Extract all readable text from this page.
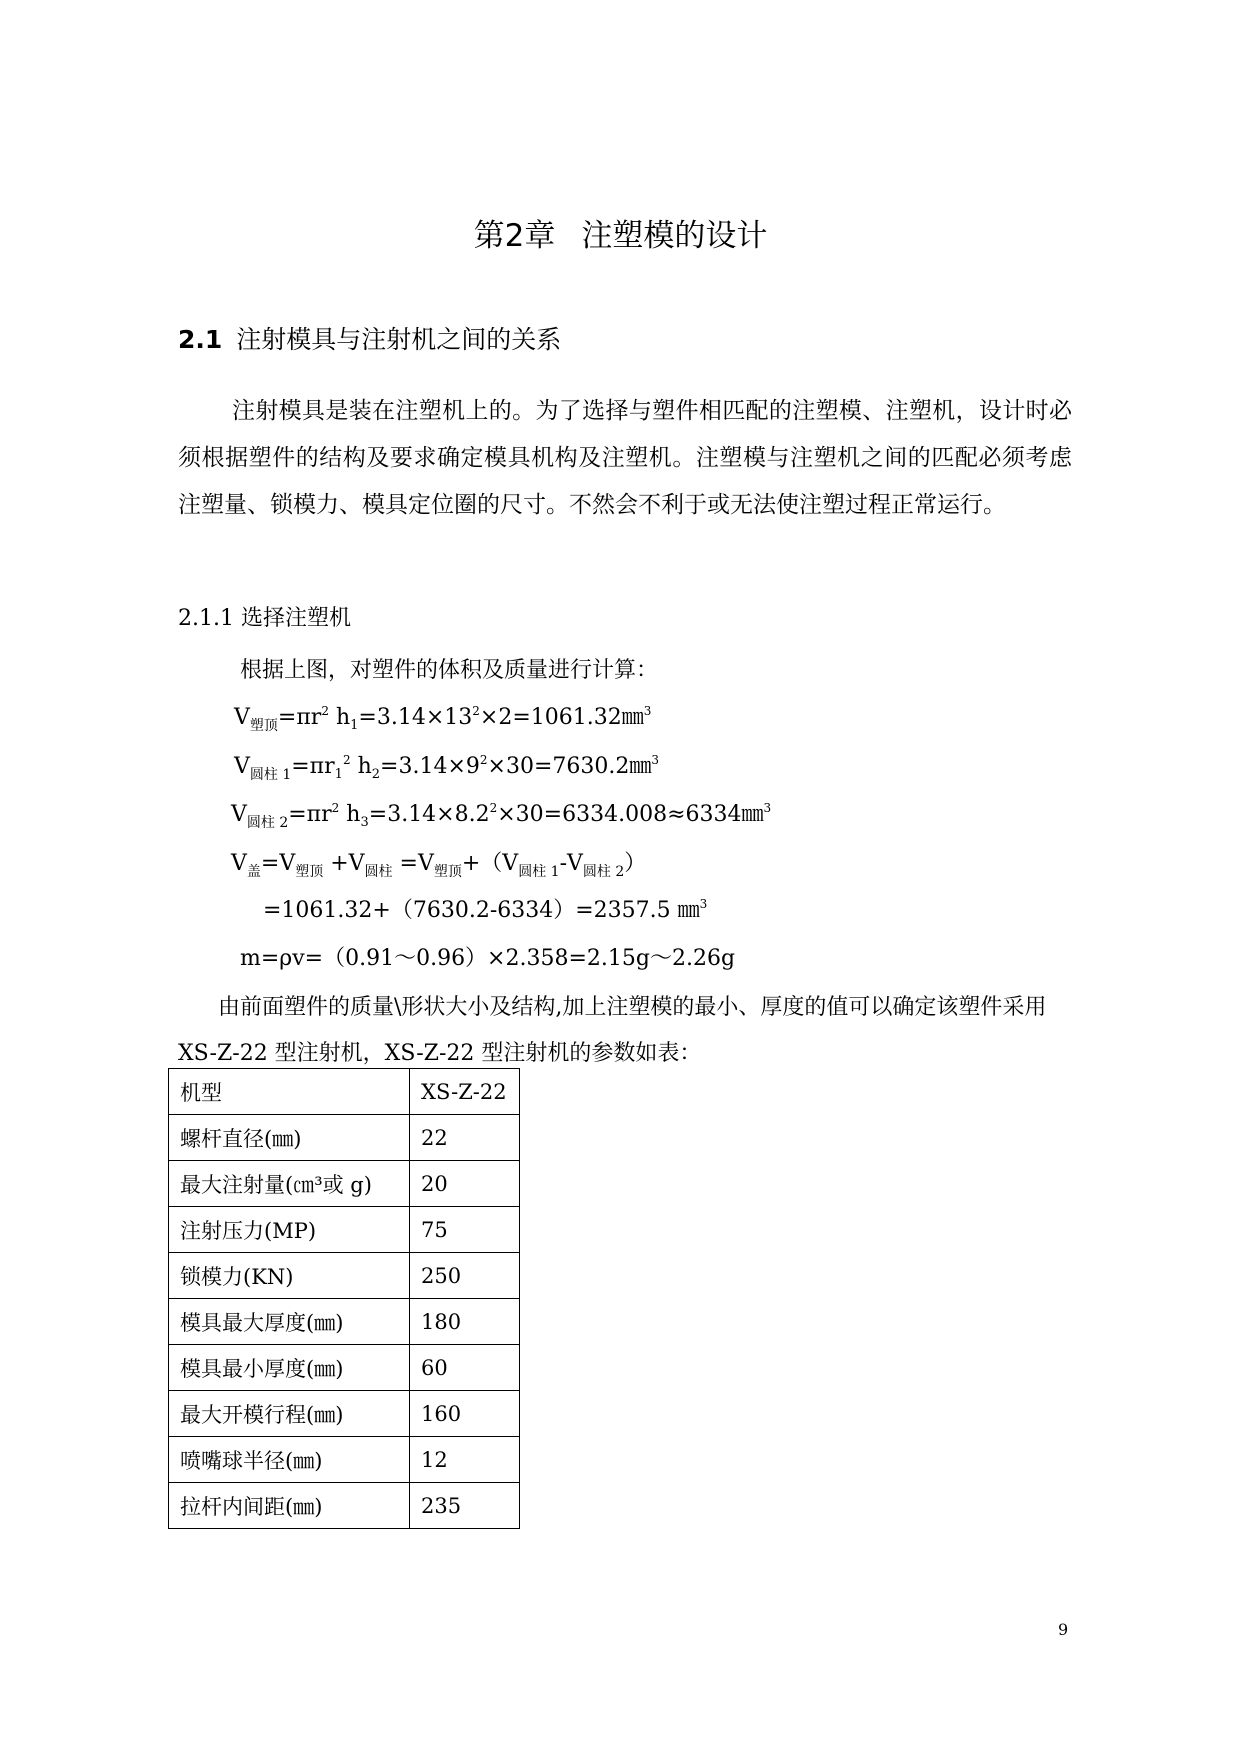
第2章 注塑模的设计
2.1 注射模具与注射机之间的关系
注射模具是装在注塑机上的。为了选择与塑件相匹配的注塑模、注塑机，设计时必须根据塑件的结构及要求确定模具机构及注塑机。注塑模与注塑机之间的匹配必须考虑注塑量、锁模力、模具定位圈的尺寸。不然会不利于或无法使注塑过程正常运行。
2.1.1 选择注塑机
根据上图，对塑件的体积及质量进行计算：
$V_{塑顶}=\pi r^2$ $h_1=3.14\times 13^2\times 2=1061.32㎜^3$
$V_{圆柱 1}=\pi r_1^2$ $h_2=3.14\times 9^2\times 30=7630.2㎜^3$
$V_{圆柱 2}=\pi r^2$ $h_3=3.14\times 8.2^2\times 30=6334.008\approx 6334㎜^3$
$V_盖=V_{塑顶} +V_{圆柱} =V_{塑顶}+(V_{圆柱 1}-V_{圆柱 2})$
=1061.32+（7630.2-6334）=2357.5 ㎜$^3$
m=ρv=（0.91～0.96）×2.358=2.15g～2.26g
由前面塑件的质量\形状大小及结构,加上注塑模的最小、厚度的值可以确定该塑件采用 XS-Z-22 型注射机，XS-Z-22 型注射机的参数如表：
机型	XS-Z-22
螺杆直径(㎜)	22
最大注射量(㎝³或 g)	20
注射压力(MP)	75
锁模力(KN)	250
模具最大厚度(㎜)	180
模具最小厚度(㎜)	60
最大开模行程(㎜)	160
喷嘴球半径(㎜)	12
拉杆内间距(㎜)	235
9
